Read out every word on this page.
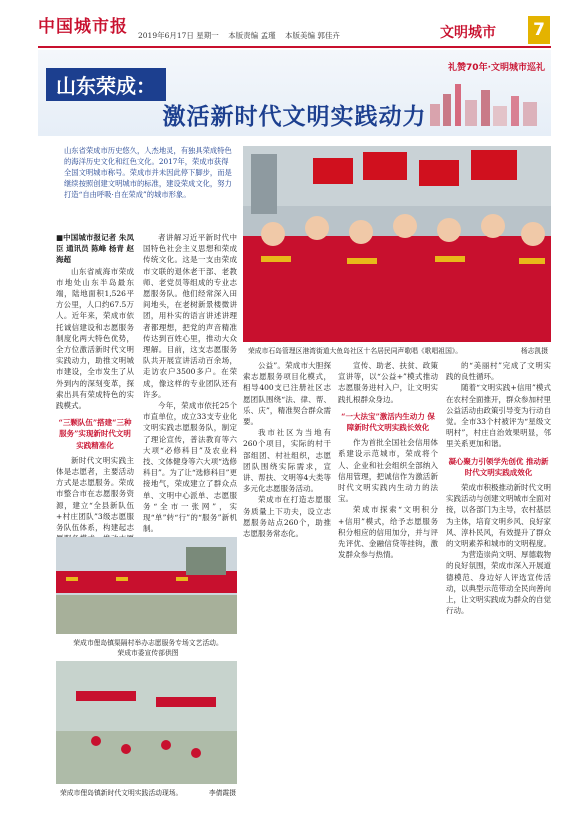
中国城市报 2019年6月17日 星期一 本版责编 孟瑾 本版美编 郭佳卉	文明城市 7
山东荣成：
激活新时代文明实践动力
礼赞70年·文明城市巡礼
山东省荣成市历史悠久，人杰地灵，有独具荣成特色的海洋历史文化和红色文化。2017年，荣成市获得全国文明城市称号。荣成市并未因此停下脚步，而是继续按照创建文明城市的标准，建设荣成文化，努力打造“自由呼吸·自在荣成”的城市形象。
荣成市石岛管理区港湾街道大鱼岛社区十名居民同声歌唱《歌唱祖国》。	杨志凯摄

■中国城市报记者 朱凤臣 通讯员 陈峰 杨青 赵海超

山东省威海市荣成市地处山东半岛最东端，陆地面积1,526平方公里，人口约67.5万人。近年来，荣成市依托诚信建设和志愿服务制度化两大特色优势，全方位激活新时代文明实践动力，助推文明城市建设，全市发生了从外到内的深刻变革，探索出具有荣成特色的实践模式。

“三颗队伍”搭建“三种服务”实现新时代文明实践精准化

新时代文明实践主体是志愿者，主要活动方式是志愿服务。荣成市整合市在志愿服务资源，建立“全县新队伍+村庄团队”3级志愿服务队伍体系，构建起志

者讲解习近平新时代中国特色社会主义思想和荣成传统文化。这是一支由荣成市文联的退休老干部、老教师、老党员等组成的专业志愿服务队。他们经常深入田间地头，在老树新景楼微讲团，用朴实的语言讲述讲理者都理想，把党的声音精准传达到百姓心里，推动大众理解。目前，这支志愿服务队共开展宣讲活动百余场，走访农户3500多户。在荣成，像这样的专业团队还有许多。

今年，荣成市依托25个市直单位，成立33支专业化文明实践志愿服务队，制定了理论宣传，普法教育等六大项“必修科目”及农业科技、文体健身等六大项“选修科目”。为了让“选修科目”更接地气，荣成建立了群众点单、文明中心派单、志愿服务“全市一张网”，实现“单”转“行”的“服务”新机制。

荣成市俚岛镇渠隔村举办志愿服务专场文艺活动。
荣成市委宣传部供图
荣成市俚岛镇新时代文明实践活动现场。	李倩霞摄

公益”。荣成市大胆探索志愿服务项目化模式，相导400支已注册社区志愿团队围绕“法、律、帮、乐、庆”，精准契合群众需要。

我市社区为当地有260个项目，实际的村干部组团、村社组织，志愿团队围绕实际需求，宣讲、帮扶、文明等4大类等多元化志愿服务活动。

荣成市在打造志愿服务质量上下功夫，设立志愿服务站点260个，助推志愿服务常态化。

宣传、助老、扶贫、政策宣讲等，以“公益+”模式推动志愿服务进村入户，让文明实践扎根群众身边。

“一大法宝”激活内生动力 保障新时代文明实践长效化

作为首批全国社会信用体系建设示范城市，荣成将个人、企业和社会组织全部纳入信用管理，把诚信作为激活新时代文明实践内生动力的法宝。

荣成市探索“文明积分+信用”模式，给予志愿服务积分相应的信用加分，并与评先评优、金融信贷等挂钩，激发群众参与热情。

的“美丽村”完成了文明实践的良性循环。

随着“文明实践+信用”模式在农村全面推开，群众参加村里公益活动由政策引导变为行动自觉。全市33个村被评为“星级文明村”，村庄自治效果明显，邻里关系更加和谐。

凝心聚力引领学先创优 推动新时代文明实践成效化

荣成市积极推动新时代文明实践活动与创建文明城市全面对接，以各部门为主导，农村基层为主体，培育文明乡风、良好家风、淳朴民风，有效提升了群众的文明素养和城市的文明程度。

为营造崇尚文明、厚德载物的良好氛围，荣成市深入开展道德模范、身边好人评选宣传活动，以典型示范带动全民向善向上，让文明实践成为群众的自觉行动。
